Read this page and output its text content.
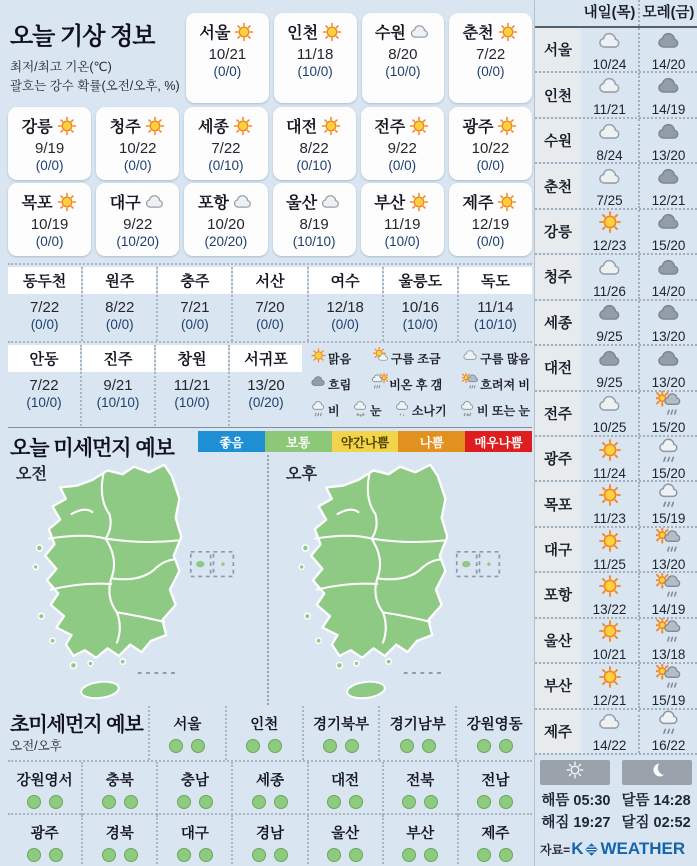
오늘 기상 정보
최저/최고 기온(℃)
괄호는 강수 확률(오전/오후, %)
서울
10/21
(0/0)
인천
11/18
(10/0)
수원
8/20
(10/0)
춘천
7/22
(0/0)
강릉
9/19
(0/0)
청주
10/22
(0/0)
세종
7/22
(0/10)
대전
8/22
(0/10)
전주
9/22
(0/0)
광주
10/22
(0/0)
목포
10/19
(0/0)
대구
9/22
(10/20)
포항
10/20
(20/20)
울산
8/19
(10/10)
부산
11/19
(10/0)
제주
12/19
(0/0)
동두천
7/22
(0/0)
원주
8/22
(0/0)
충주
7/21
(0/0)
서산
7/20
(0/0)
여수
12/18
(0/0)
울릉도
10/16
(10/0)
독도
11/14
(10/10)
안동
7/22
(10/0)
진주
9/21
(10/10)
창원
11/21
(10/0)
서귀포
13/20
(0/20)
맑음	구름 조금	구름 많음
흐림	비온 후 갬	흐려져 비
비	눈	소나기	비 또는 눈
오늘 미세먼지 예보	좋음	보통	약간나쁨	나쁨	매우나쁨
오전	오후
초미세먼지 예보
오전/오후
서울	인천 경기북부 경기남부 강원영동
강원영서 충북	충남	세종	대전	전북	전남
광주	경북	대구	경남	울산	부산	제주
내일(목) 모레(금)
서울
10/24 14/20
인천
11/21 14/19
수원
8/24 13/20
춘천
7/25 12/21
강릉
12/23 15/20
청주
11/26 14/20
세종
9/25 13/20
대전
9/25 13/20
전주
10/25 15/20
광주
11/24 15/20
목포
11/23 15/19
대구
11/25 13/20
포항
13/22 14/19
울산
10/21 13/18
부산
12/21 15/19
제주
14/22 16/22
해뜸 05:30
해짐 19:27
달뜸 14:28
달짐 02:52
자료= K WEATHER
